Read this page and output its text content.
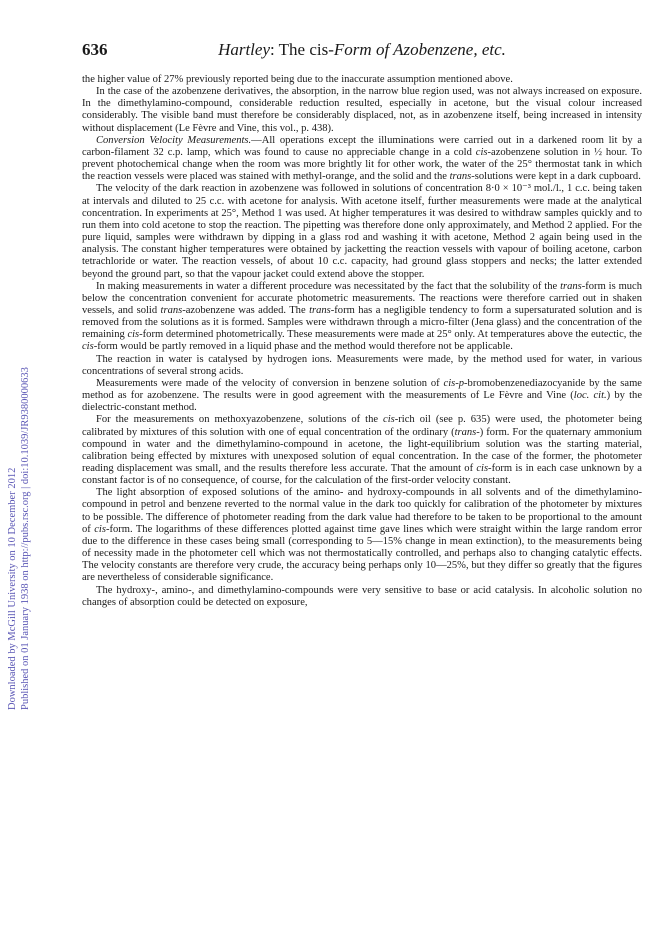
636	Hartley: The cis-Form of Azobenzene, etc.
Downloaded by McGill University on 10 December 2012 Published on 01 January 1938 on http://pubs.rsc.org | doi:10.1039/JR9380000633

the higher value of 27% previously reported being due to the inaccurate assumption mentioned above.

In the case of the azobenzene derivatives, the absorption, in the narrow blue region used, was not always increased on exposure. In the dimethylamino-compound, considerable reduction resulted, especially in acetone, but the visual colour increased considerably. The visible band must therefore be considerably displaced, not, as in azobenzene itself, being increased in intensity without displacement (Le Fèvre and Vine, this vol., p. 438).

Conversion Velocity Measurements.—All operations except the illuminations were carried out in a darkened room lit by a carbon-filament 32 c.p. lamp, which was found to cause no appreciable change in a cold cis-azobenzene solution in ½ hour. To prevent photochemical change when the room was more brightly lit for other work, the water of the 25° thermostat tank in which the reaction vessels were placed was stained with methyl-orange, and the solid and the trans-solutions were kept in a dark cupboard.

The velocity of the dark reaction in azobenzene was followed in solutions of concentration 8·0 × 10⁻³ mol./l., 1 c.c. being taken at intervals and diluted to 25 c.c. with acetone for analysis. With acetone itself, further measurements were made at the analytical concentration. In experiments at 25°, Method 1 was used. At higher temperatures it was desired to withdraw samples quickly and to run them into cold acetone to stop the reaction. The pipetting was therefore done only approximately, and Method 2 applied. For the pure liquid, samples were withdrawn by dipping in a glass rod and washing it with acetone, Method 2 again being used in the analysis. The constant higher temperatures were obtained by jacketting the reaction vessels with vapour of boiling acetone, carbon tetrachloride or water. The reaction vessels, of about 10 c.c. capacity, had ground glass stoppers and necks; the latter extended beyond the ground part, so that the vapour jacket could extend above the stopper.

In making measurements in water a different procedure was necessitated by the fact that the solubility of the trans-form is much below the concentration convenient for accurate photometric measurements. The reactions were therefore carried out in shaken vessels, and solid trans-azobenzene was added. The trans-form has a negligible tendency to form a supersaturated solution and is removed from the solutions as it is formed. Samples were withdrawn through a micro-filter (Jena glass) and the concentration of the remaining cis-form determined photometrically. These measurements were made at 25° only. At temperatures above the eutectic, the cis-form would be partly removed in a liquid phase and the method would therefore not be applicable.

The reaction in water is catalysed by hydrogen ions. Measurements were made, by the method used for water, in various concentrations of several strong acids.

Measurements were made of the velocity of conversion in benzene solution of cis-p-bromobenzenediazocyanide by the same method as for azobenzene. The results were in good agreement with the measurements of Le Fèvre and Vine (loc. cit.) by the dielectric-constant method.

For the measurements on methoxyazobenzene, solutions of the cis-rich oil (see p. 635) were used, the photometer being calibrated by mixtures of this solution with one of equal concentration of the ordinary (trans-) form. For the quaternary ammonium compound in water and the dimethylamino-compound in acetone, the light-equilibrium solution was the starting material, calibration being effected by mixtures with unexposed solution of equal concentration. In the case of the former, the photometer reading displacement was small, and the results therefore less accurate. That the amount of cis-form is in each case unknown by a constant factor is of no consequence, of course, for the calculation of the first-order velocity constant.

The light absorption of exposed solutions of the amino- and hydroxy-compounds in all solvents and of the dimethylamino-compound in petrol and benzene reverted to the normal value in the dark too quickly for calibration of the photometer by mixtures to be possible. The difference of photometer reading from the dark value had therefore to be taken to be proportional to the amount of cis-form. The logarithms of these differences plotted against time gave lines which were straight within the large random error due to the difference in these cases being small (corresponding to 5—15% change in mean extinction), to the measurements being of necessity made in the photometer cell which was not thermostatically controlled, and perhaps also to changing catalytic effects. The velocity constants are therefore very crude, the accuracy being perhaps only 10—25%, but they differ so greatly that the figures are nevertheless of considerable significance.

The hydroxy-, amino-, and dimethylamino-compounds were very sensitive to base or acid catalysis. In alcoholic solution no changes of absorption could be detected on exposure,
